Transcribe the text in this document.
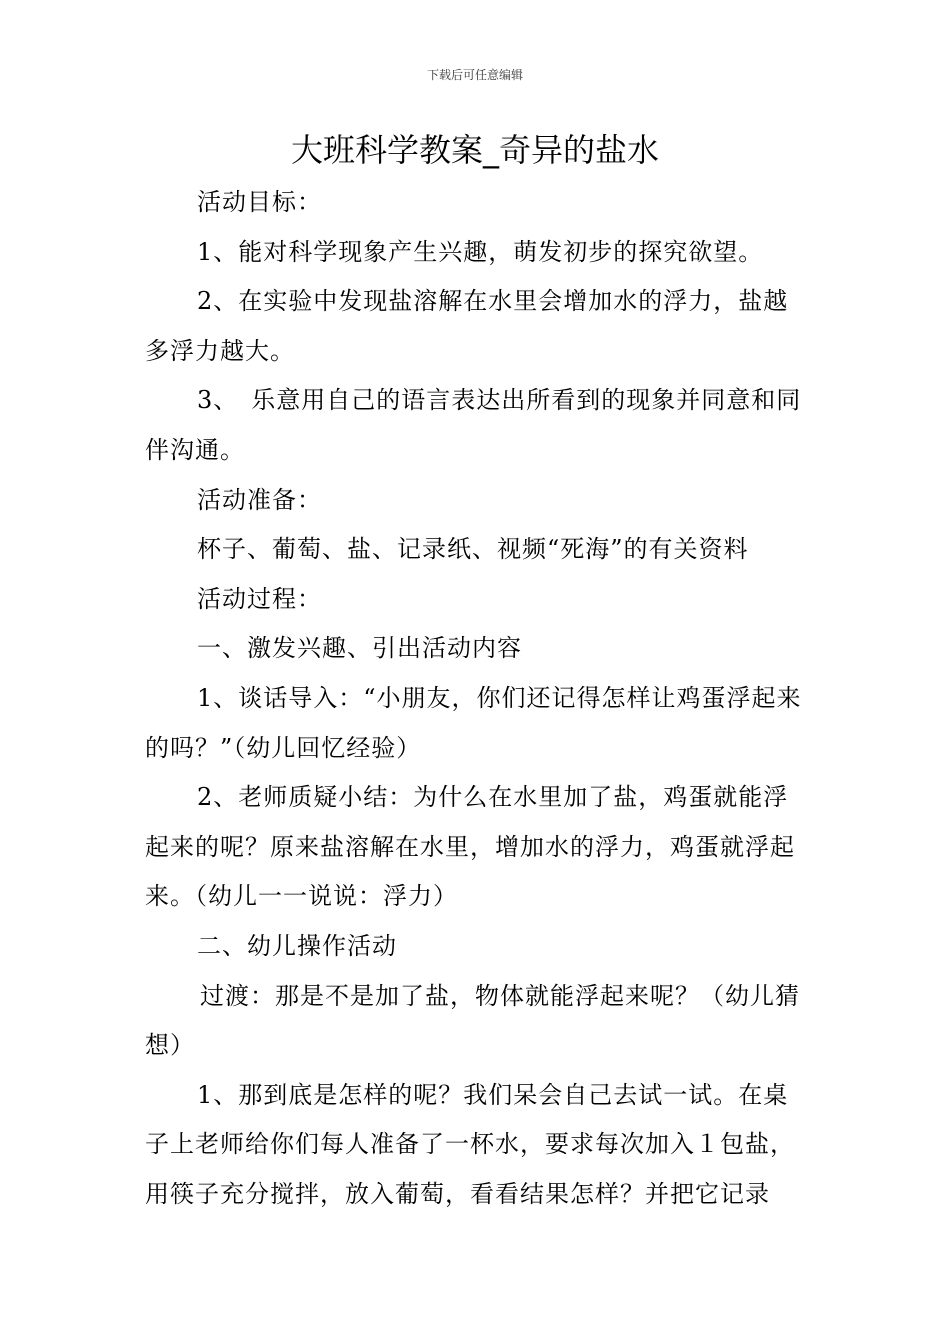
下载后可任意编辑
大班科学教案_奇异的盐水

活动目标：

1、能对科学现象产生兴趣，萌发初步的探究欲望。

2、在实验中发现盐溶解在水里会增加水的浮力，盐越多浮力越大。

3、　乐意用自己的语言表达出所看到的现象并同意和同伴沟通。

活动准备：

杯子、葡萄、盐、记录纸、视频“死海”的有关资料

活动过程：

一、激发兴趣、引出活动内容

1、谈话导入：“小朋友，你们还记得怎样让鸡蛋浮起来的吗？”（幼儿回忆经验）

2、老师质疑小结：为什么在水里加了盐，鸡蛋就能浮起来的呢？原来盐溶解在水里，增加水的浮力，鸡蛋就浮起来。（幼儿一一说说：浮力）

二、幼儿操作活动

过渡：那是不是加了盐，物体就能浮起来呢？（幼儿猜想）

1、那到底是怎样的呢？我们呆会自己去试一试。在桌子上老师给你们每人准备了一杯水，要求每次加入１包盐，用筷子充分搅拌，放入葡萄，看看结果怎样？并把它记录
